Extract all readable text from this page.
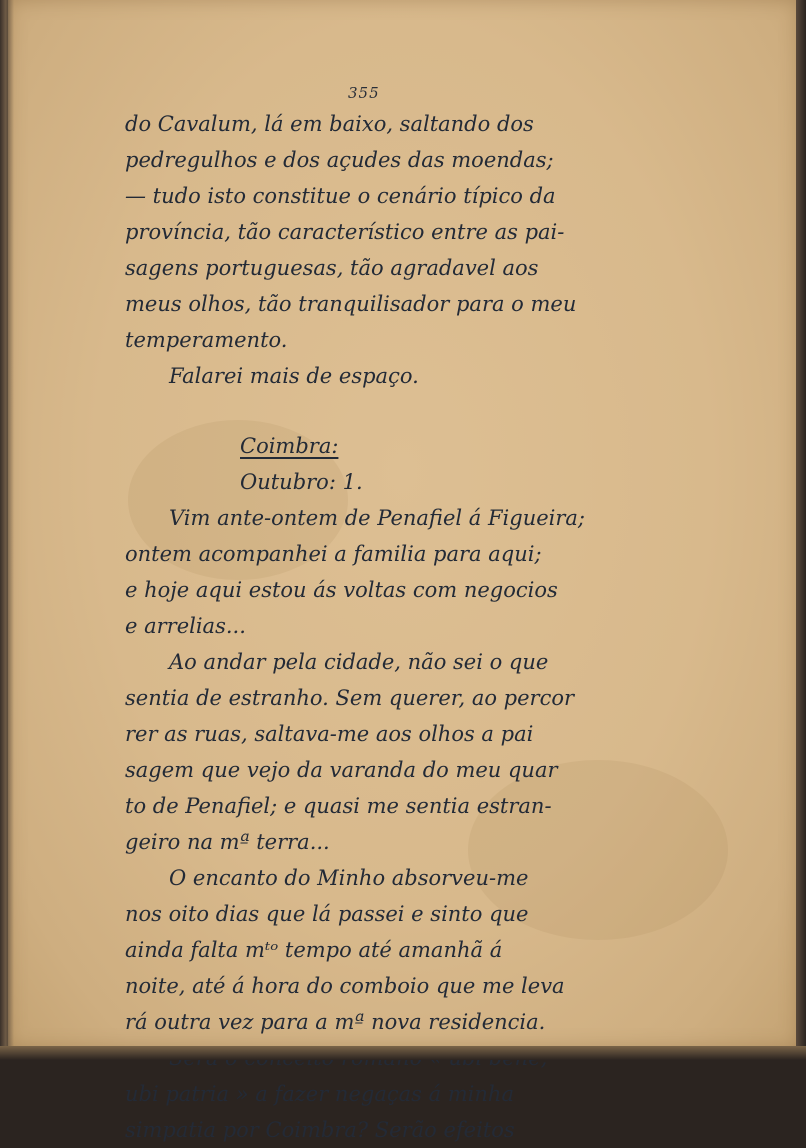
355
do Cavalum, lá em baixo, saltando dos
pedregulhos e dos açudes das moendas;
— tudo isto constitue o cenário típico da
província, tão característico entre as pai-
sagens portuguesas, tão agradavel aos
meus olhos, tão tranquilisador para o meu
temperamento.
Falarei mais de espaço.
Coimbra:
Outubro: 1.
Vim ante-ontem de Penafiel á Figueira;
ontem acompanhei a familia para aqui;
e hoje aqui estou ás voltas com negocios
e arrelias...
Ao andar pela cidade, não sei o que
sentia de estranho. Sem querer, ao percor
rer as ruas, saltava-me aos olhos a pai
sagem que vejo da varanda do meu quar
to de Penafiel; e quasi me sentia estran-
geiro na mª terra...
O encanto do Minho absorveu-me
nos oito dias que lá passei e sinto que
ainda falta mᵗᵒ tempo até amanhã á
noite, até á hora do comboio que me leva
rá outra vez para a mª nova residencia.
ubi patria » a fazer negaças á minha
simpatia por Coimbra? Serão efeitos
